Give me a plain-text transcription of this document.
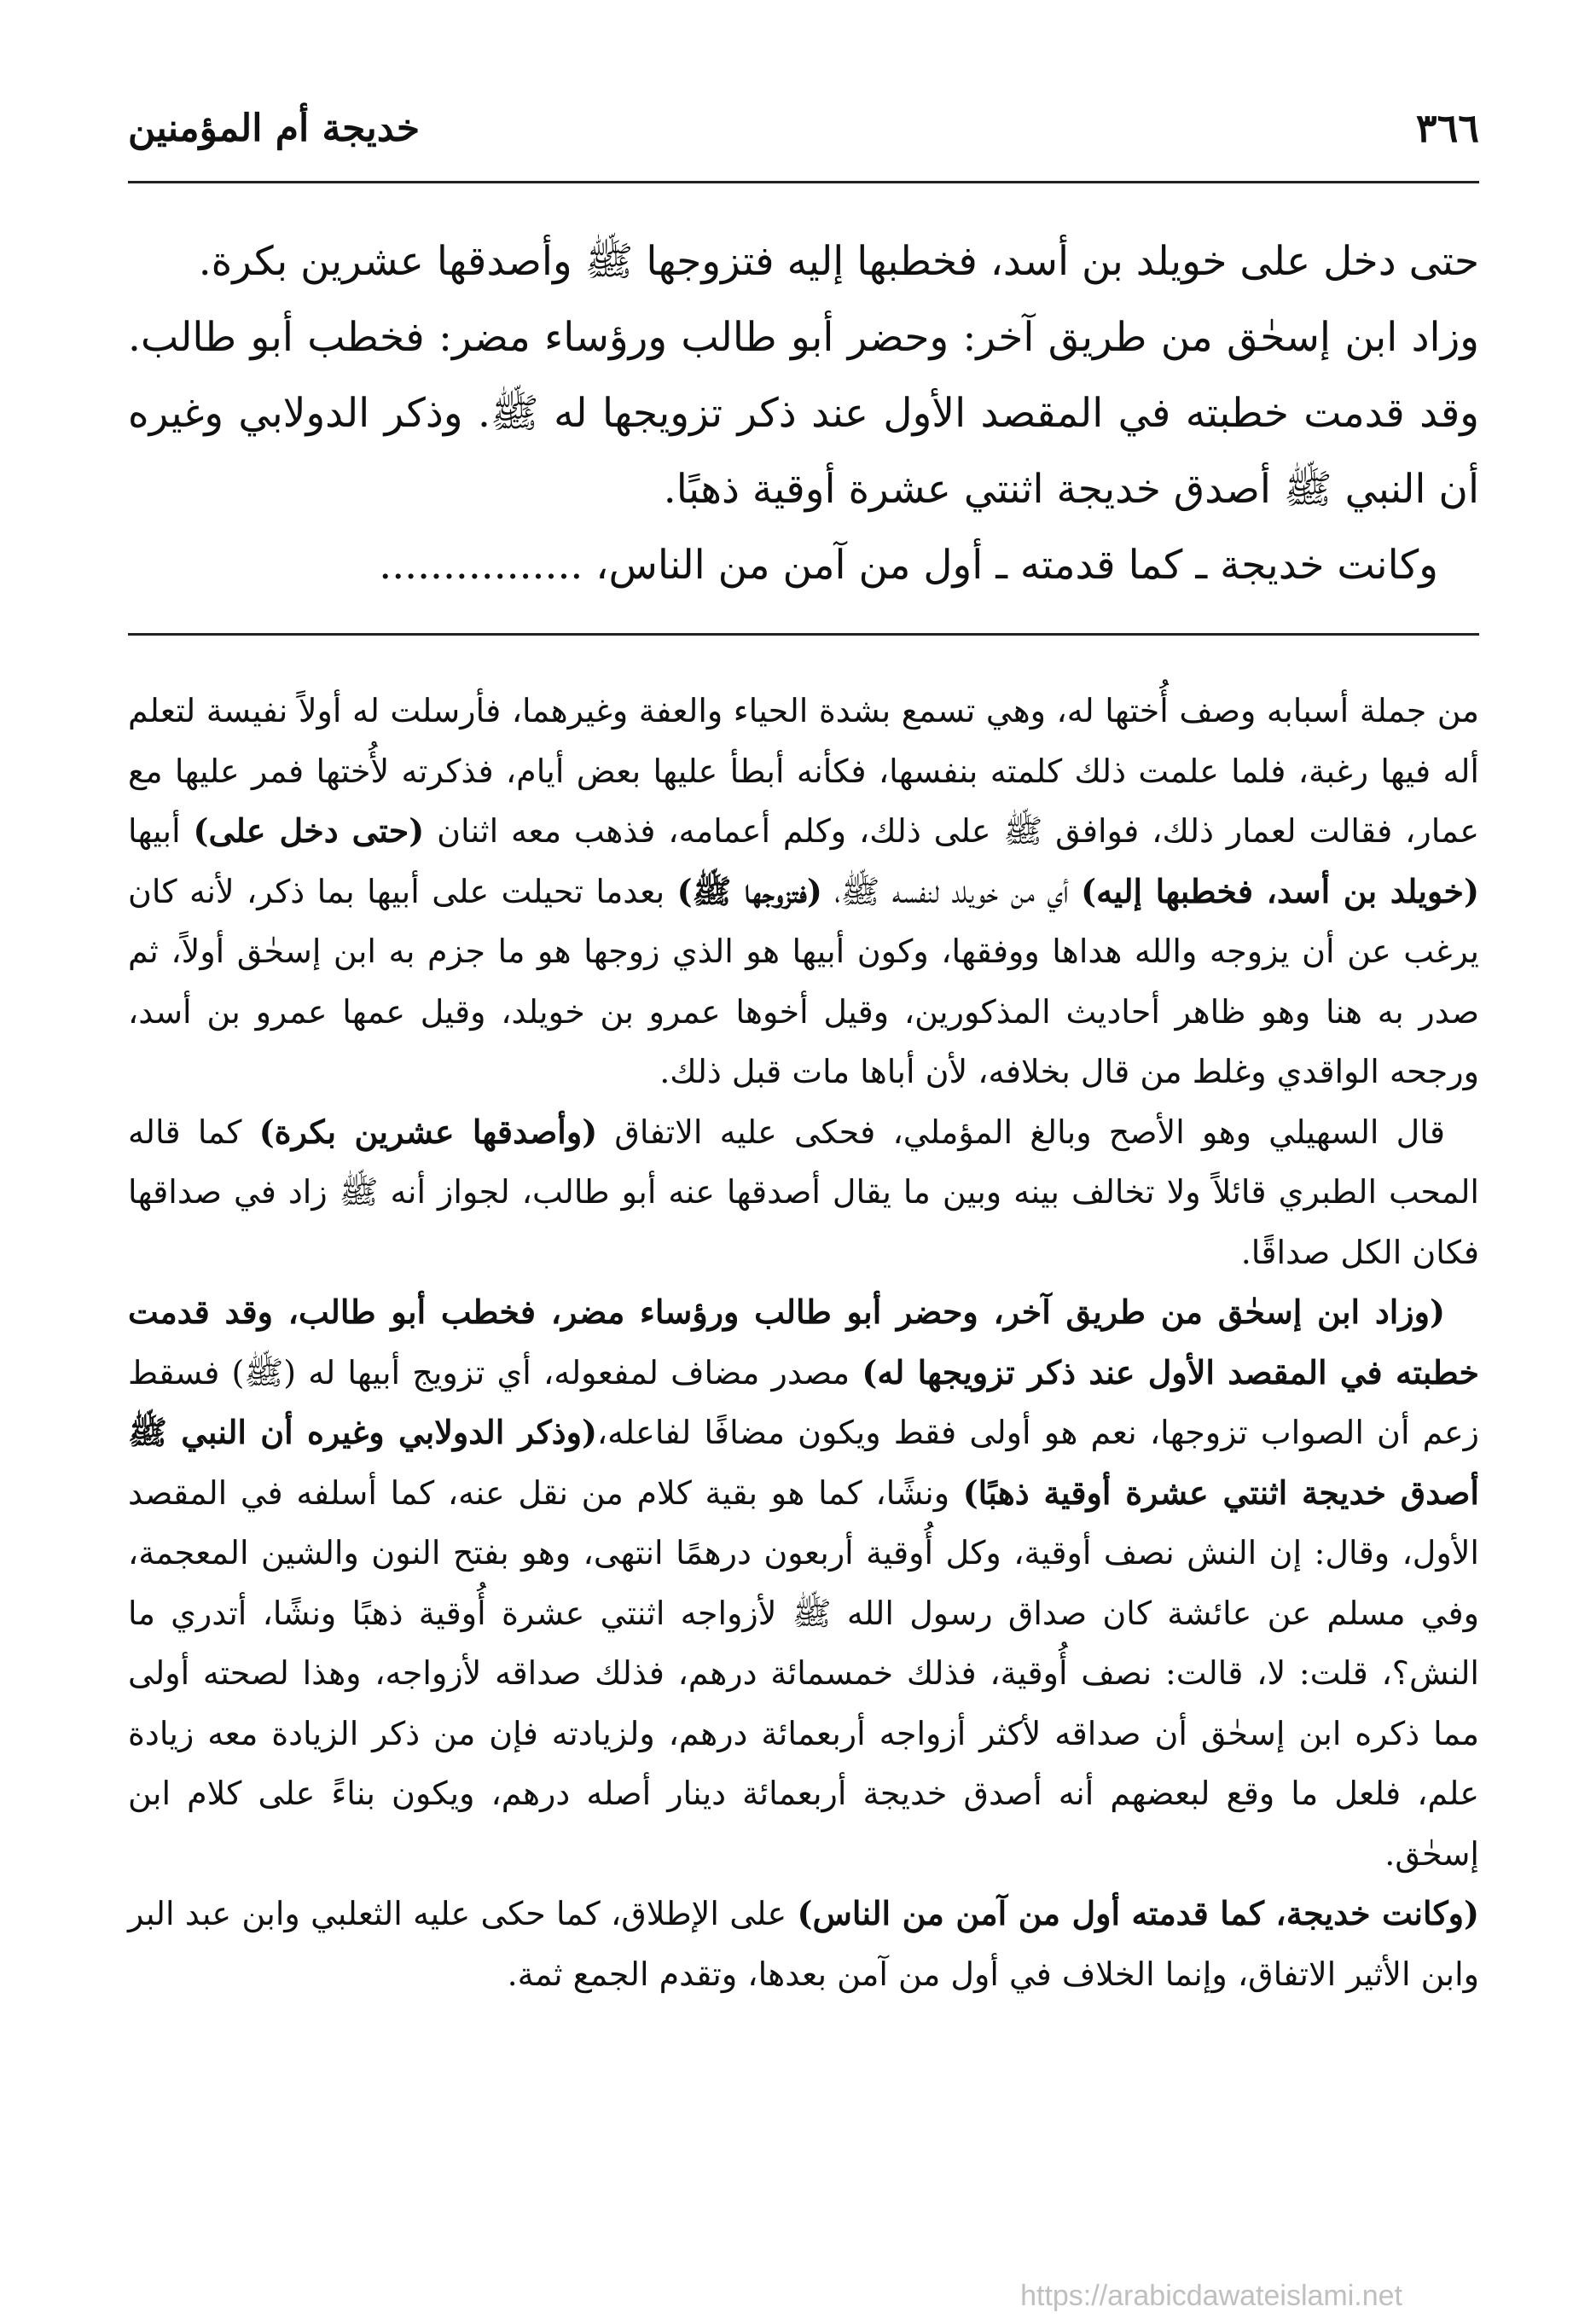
٣٦٦
خديجة أم المؤمنين

حتى دخل على خويلد بن أسد، فخطبها إليه فتزوجها ﷺ وأصدقها عشرين بكرة.

وزاد ابن إسحٰق من طريق آخر: وحضر أبو طالب ورؤساء مضر: فخطب أبو طالب. وقد قدمت خطبته في المقصد الأول عند ذكر تزويجها له ﷺ. وذكر الدولابي وغيره أن النبي ﷺ أصدق خديجة اثنتي عشرة أوقية ذهبًا.

وكانت خديجة ـ كما قدمته ـ أول من آمن من الناس، ................

من جملة أسبابه وصف أُختها له، وهي تسمع بشدة الحياء والعفة وغيرهما، فأرسلت له أولاً نفيسة لتعلم أله فيها رغبة، فلما علمت ذلك كلمته بنفسها، فكأنه أبطأ عليها بعض أيام، فذكرته لأُختها فمر عليها مع عمار، فقالت لعمار ذلك، فوافق ﷺ على ذلك، وكلم أعمامه، فذهب معه اثنان (حتى دخل على) أبيها (خويلد بن أسد، فخطبها إليه) أي من خويلد لنفسه ﷺ، (فتزوجها ﷺ) بعدما تحيلت على أبيها بما ذكر، لأنه كان يرغب عن أن يزوجه والله هداها ووفقها، وكون أبيها هو الذي زوجها هو ما جزم به ابن إسحٰق أولاً، ثم صدر به هنا وهو ظاهر أحاديث المذكورين، وقيل أخوها عمرو بن خويلد، وقيل عمها عمرو بن أسد، ورجحه الواقدي وغلط من قال بخلافه، لأن أباها مات قبل ذلك.

قال السهيلي وهو الأصح وبالغ المؤملي، فحكى عليه الاتفاق (وأصدقها عشرين بكرة) كما قاله المحب الطبري قائلاً ولا تخالف بينه وبين ما يقال أصدقها عنه أبو طالب، لجواز أنه ﷺ زاد في صداقها فكان الكل صداقًا.

(وزاد ابن إسحٰق من طريق آخر، وحضر أبو طالب ورؤساء مضر، فخطب أبو طالب، وقد قدمت خطبته في المقصد الأول عند ذكر تزويجها له) مصدر مضاف لمفعوله، أي تزويج أبيها له (ﷺ) فسقط زعم أن الصواب تزوجها، نعم هو أولى فقط ويكون مضافًا لفاعله،(وذكر الدولابي وغيره أن النبي ﷺ أصدق خديجة اثنتي عشرة أوقية ذهبًا) ونشًا، كما هو بقية كلام من نقل عنه، كما أسلفه في المقصد الأول، وقال: إن النش نصف أوقية، وكل أُوقية أربعون درهمًا انتهى، وهو بفتح النون والشين المعجمة، وفي مسلم عن عائشة كان صداق رسول الله ﷺ لأزواجه اثنتي عشرة أُوقية ذهبًا ونشًا، أتدري ما النش؟، قلت: لا، قالت: نصف أُوقية، فذلك خمسمائة درهم، فذلك صداقه لأزواجه، وهذا لصحته أولى مما ذكره ابن إسحٰق أن صداقه لأكثر أزواجه أربعمائة درهم، ولزيادته فإن من ذكر الزيادة معه زيادة علم، فلعل ما وقع لبعضهم أنه أصدق خديجة أربعمائة دينار أصله درهم، ويكون بناءً على كلام ابن إسحٰق.

(وكانت خديجة، كما قدمته أول من آمن من الناس) على الإطلاق، كما حكى عليه الثعلبي وابن عبد البر وابن الأثير الاتفاق، وإنما الخلاف في أول من آمن بعدها، وتقدم الجمع ثمة.

https://arabicdawateislami.net
